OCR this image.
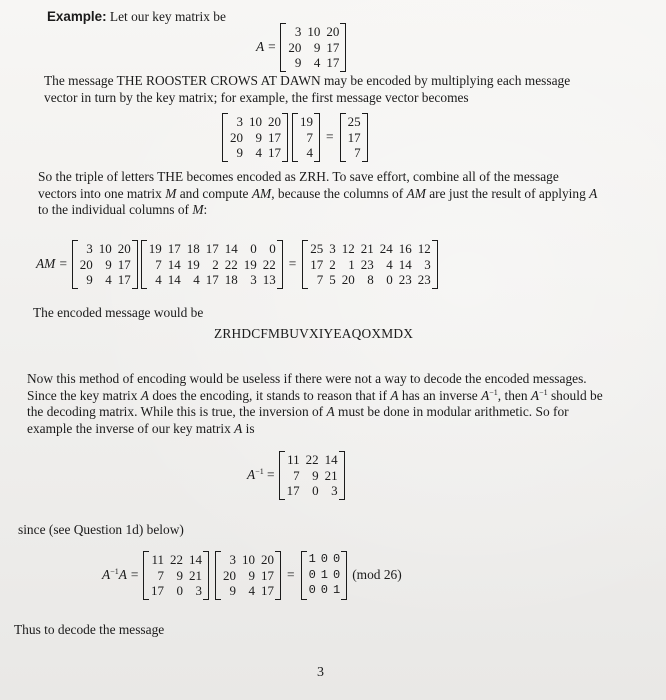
Example: Let our key matrix be

A =
3	10	20
20	9	17
9	4	17

The message THE ROOSTER CROWS AT DAWN may be encoded by multiplying each message vector in turn by the key matrix; for example, the first message vector becomes

3	10	20
20	9	17
9	4	17
19
7
4
=
25
17
7

So the triple of letters THE becomes encoded as ZRH. To save effort, combine all of the message vectors into one matrix M and compute AM, because the columns of AM are just the result of applying A to the individual columns of M:

AM =
3	10	20
20	9	17
9	4	17
19	17	18	17	14	0	0
7	14	19	2	22	19	22
4	14	4	17	18	3	13
=
25	3	12	21	24	16	12
17	2	1	23	4	14	3
7	5	20	8	0	23	23

The encoded message would be

ZRHDCFMBUVXIYEAQOXMDX

Now this method of encoding would be useless if there were not a way to decode the encoded messages. Since the key matrix A does the encoding, it stands to reason that if A has an inverse $A^{-1}$, then $A^{-1}$ should be the decoding matrix. While this is true, the inversion of A must be done in modular arithmetic. So for example the inverse of our key matrix A is

$A^{-1}$ =
11	22	14
7	9	21
17	0	3

since (see Question 1d) below)

$A^{-1}A$ =
11	22	14
7	9	21
17	0	3
3	10	20
20	9	17
9	4	17
=
1	0	0
0	1	0
0	0	1
(mod 26)

Thus to decode the message

3
